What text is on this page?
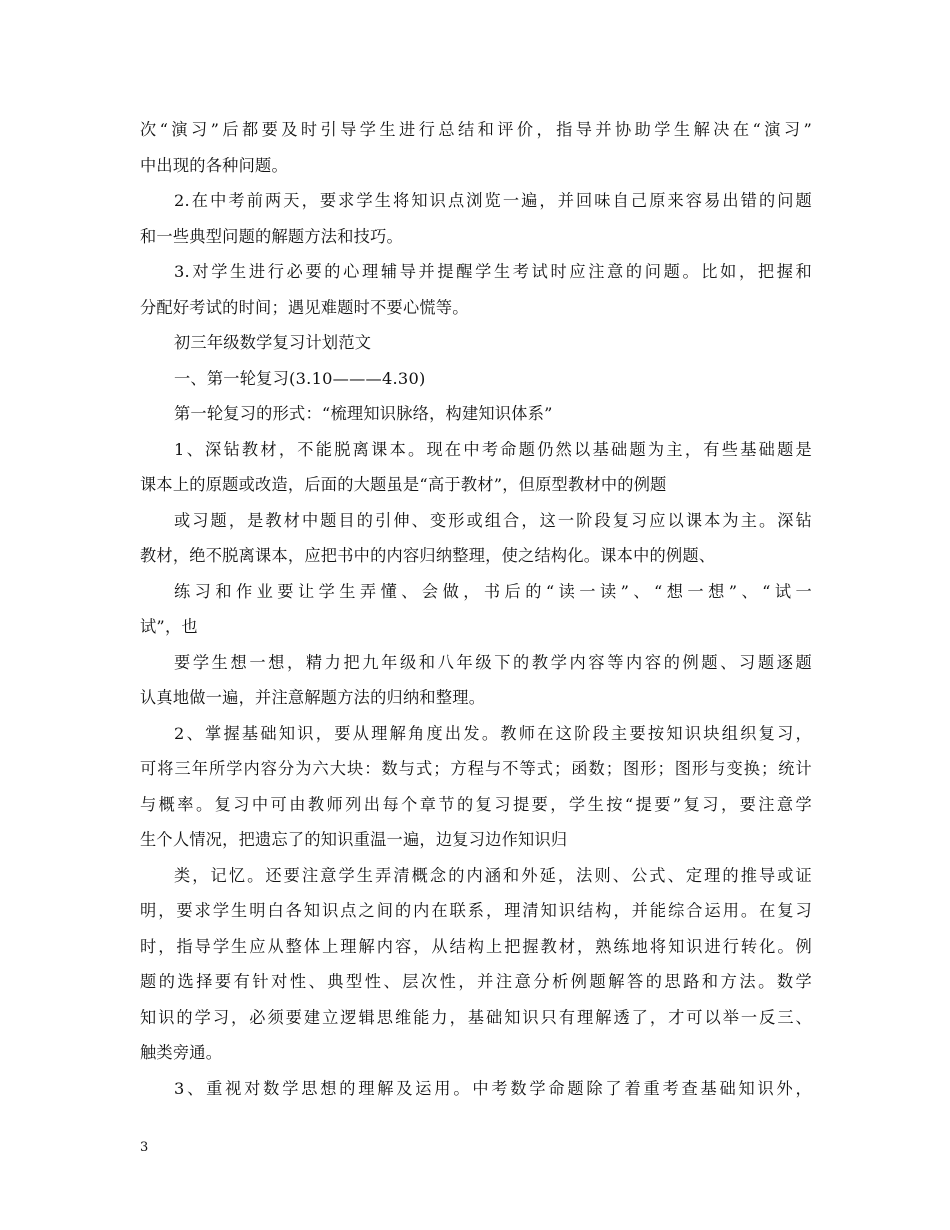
次“演习”后都要及时引导学生进行总结和评价，指导并协助学生解决在“演习”
中出现的各种问题。
2.在中考前两天，要求学生将知识点浏览一遍，并回味自己原来容易出错的问题
和一些典型问题的解题方法和技巧。
3.对学生进行必要的心理辅导并提醒学生考试时应注意的问题。比如，把握和
分配好考试的时间；遇见难题时不要心慌等。
初三年级数学复习计划范文
一、第一轮复习(3.10———4.30)
第一轮复习的形式：“梳理知识脉络，构建知识体系”
1、深钻教材，不能脱离课本。现在中考命题仍然以基础题为主，有些基础题是
课本上的原题或改造，后面的大题虽是“高于教材”，但原型教材中的例题
或习题，是教材中题目的引伸、变形或组合，这一阶段复习应以课本为主。深钻
教材，绝不脱离课本，应把书中的内容归纳整理，使之结构化。课本中的例题、
练习和作业要让学生弄懂、会做，书后的“读一读”、“想一想”、“试一
试”，也
要学生想一想，精力把九年级和八年级下的教学内容等内容的例题、习题逐题
认真地做一遍，并注意解题方法的归纳和整理。
2、掌握基础知识，要从理解角度出发。教师在这阶段主要按知识块组织复习，
可将三年所学内容分为六大块：数与式；方程与不等式；函数；图形；图形与变换；统计
与概率。复习中可由教师列出每个章节的复习提要，学生按“提要”复习，要注意学
生个人情况，把遗忘了的知识重温一遍，边复习边作知识归
类，记忆。还要注意学生弄清概念的内涵和外延，法则、公式、定理的推导或证
明，要求学生明白各知识点之间的内在联系，理清知识结构，并能综合运用。在复习
时，指导学生应从整体上理解内容，从结构上把握教材，熟练地将知识进行转化。例
题的选择要有针对性、典型性、层次性，并注意分析例题解答的思路和方法。数学
知识的学习，必须要建立逻辑思维能力，基础知识只有理解透了，才可以举一反三、
触类旁通。
3、重视对数学思想的理解及运用。中考数学命题除了着重考查基础知识外，
3
